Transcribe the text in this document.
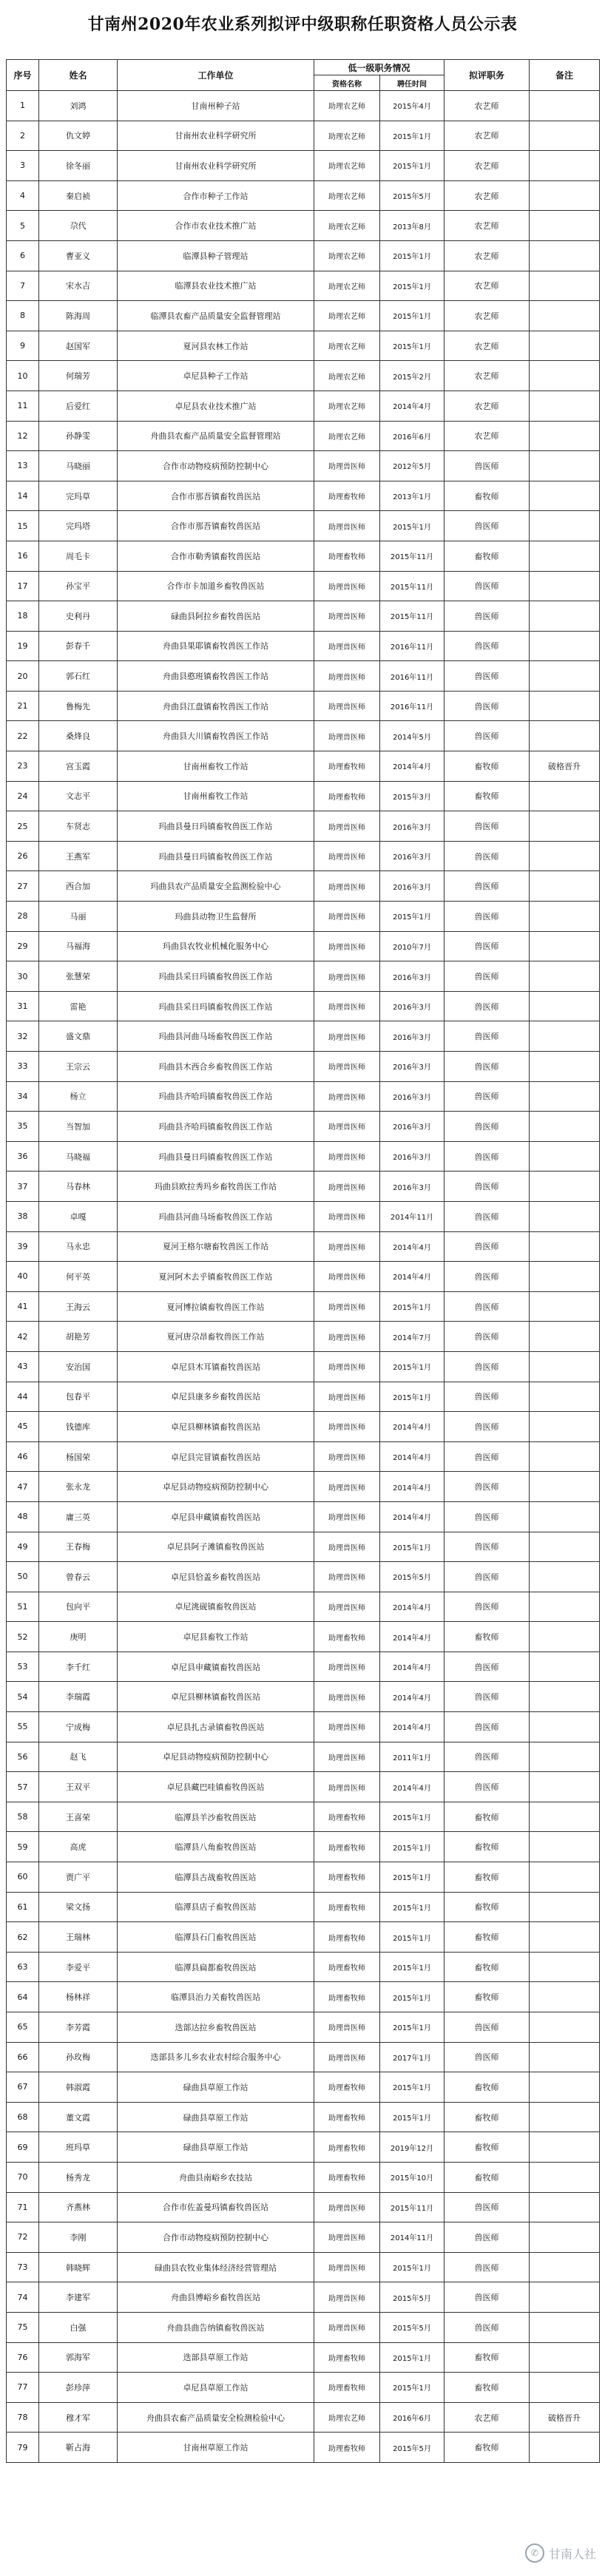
甘南州2020年农业系列拟评中级职称任职资格人员公示表
序号	姓名	工作单位	低一级职务情况		拟评职务	备注
			资格名称	聘任时间		
1	刘鸿	甘南州种子站	助理农艺师	2015年4月	农艺师	
2	仇文婷	甘南州农业科学研究所	助理农艺师	2015年1月	农艺师	
3	徐冬丽	甘南州农业科学研究所	助理农艺师	2015年1月	农艺师	
4	秦启祯	合作市种子工作站	助理农艺师	2015年5月	农艺师	
5	尕代	合作市农业技术推广站	助理农艺师	2013年8月	农艺师	
6	曹亚义	临潭县种子管理站	助理农艺师	2015年1月	农艺师	
7	宋水吉	临潭县农业技术推广站	助理农艺师	2015年1月	农艺师	
8	陈海周	临潭县农畜产品质量安全监督管理站	助理农艺师	2015年1月	农艺师	
9	赵国军	夏河县农林工作站	助理农艺师	2015年1月	农艺师	
10	何瑞芳	卓尼县种子工作站	助理农艺师	2015年2月	农艺师	
11	后爱红	卓尼县农业技术推广站	助理农艺师	2014年4月	农艺师	
12	孙静雯	舟曲县农畜产品质量安全监督管理站	助理农艺师	2016年6月	农艺师	
13	马晓丽	合作市动物疫病预防控制中心	助理兽医师	2012年5月	兽医师	
14	完玛草	合作市那吾镇畜牧兽医站	助理畜牧师	2013年1月	畜牧师	
15	完玛塔	合作市那吾镇畜牧兽医站	助理兽医师	2015年1月	兽医师	
16	周毛卡	合作市勒秀镇畜牧兽医站	助理畜牧师	2015年11月	畜牧师	
17	孙宝平	合作市卡加道乡畜牧兽医站	助理兽医师	2015年11月	兽医师	
18	史利丹	碌曲县阿拉乡畜牧兽医站	助理兽医师	2015年11月	兽医师	
19	彭春千	舟曲县果耶镇畜牧兽医工作站	助理兽医师	2016年11月	兽医师	
20	郭石红	舟曲县憨班镇畜牧兽医工作站	助理兽医师	2016年11月	兽医师	
21	鲁梅先	舟曲县江盘镇畜牧兽医工作站	助理兽医师	2016年11月	兽医师	
22	桑烽良	舟曲县大川镇畜牧兽医工作站	助理兽医师	2014年5月	兽医师	
23	宫玉霞	甘南州畜牧工作站	助理畜牧师	2014年4月	畜牧师	破格晋升
24	文志平	甘南州畜牧工作站	助理畜牧师	2015年3月	畜牧师	
25	车贤志	玛曲县曼日玛镇畜牧兽医工作站	助理兽医师	2016年3月	兽医师	
26	王燕军	玛曲县曼日玛镇畜牧兽医工作站	助理兽医师	2016年3月	兽医师	
27	西合加	玛曲县农产品质量安全监测检验中心	助理兽医师	2016年3月	兽医师	
28	马丽	玛曲县动物卫生监督所	助理兽医师	2015年1月	兽医师	
29	马福海	玛曲县农牧业机械化服务中心	助理兽医师	2010年7月	兽医师	
30	张慧荣	玛曲县采日玛镇畜牧兽医工作站	助理兽医师	2016年3月	兽医师	
31	雷艳	玛曲县采日玛镇畜牧兽医工作站	助理兽医师	2016年3月	兽医师	
32	盛文鼎	玛曲县河曲马场畜牧兽医工作站	助理兽医师	2016年3月	兽医师	
33	王宗云	玛曲县木西合乡畜牧兽医工作站	助理兽医师	2016年3月	兽医师	
34	杨立	玛曲县齐哈玛镇畜牧兽医工作站	助理兽医师	2016年3月	兽医师	
35	当智加	玛曲县齐哈玛镇畜牧兽医工作站	助理兽医师	2016年3月	兽医师	
36	马晓福	玛曲县曼日玛镇畜牧兽医工作站	助理兽医师	2016年3月	兽医师	
37	马春林	玛曲县欧拉秀玛乡畜牧兽医工作站	助理兽医师	2016年3月	兽医师	
38	卓嘎	玛曲县河曲马场畜牧兽医工作站	助理兽医师	2014年11月	兽医师	
39	马永忠	夏河王格尔塘畜牧兽医工作站	助理兽医师	2014年4月	兽医师	
40	何平英	夏河阿木去乎镇畜牧兽医工作站	助理兽医师	2014年4月	兽医师	
41	王海云	夏河博拉镇畜牧兽医工作站	助理兽医师	2015年1月	兽医师	
42	胡艳芳	夏河唐尕昂畜牧兽医工作站	助理兽医师	2014年7月	兽医师	
43	安治国	卓尼县木耳镇畜牧兽医站	助理兽医师	2015年1月	兽医师	
44	包春平	卓尼县康多乡畜牧兽医站	助理兽医师	2015年1月	兽医师	
45	钱德库	卓尼县柳林镇畜牧兽医站	助理兽医师	2014年4月	兽医师	
46	杨国荣	卓尼县完冒镇畜牧兽医站	助理兽医师	2014年4月	兽医师	
47	张永龙	卓尼县动物疫病预防控制中心	助理兽医师	2014年4月	兽医师	
48	庸三英	卓尼县申藏镇畜牧兽医站	助理兽医师	2014年4月	兽医师	
49	王春梅	卓尼县阿子滩镇畜牧兽医站	助理兽医师	2015年1月	兽医师	
50	曾春云	卓尼县恰盖乡畜牧兽医站	助理兽医师	2015年5月	兽医师	
51	包向平	卓尼洮砚镇畜牧兽医站	助理兽医师	2014年4月	兽医师	
52	庚明	卓尼县畜牧工作站	助理畜牧师	2014年4月	畜牧师	
53	李千红	卓尼县申藏镇畜牧兽医站	助理兽医师	2014年4月	兽医师	
54	李瑞霞	卓尼县柳林镇畜牧兽医站	助理兽医师	2014年4月	兽医师	
55	宁成梅	卓尼县扎古录镇畜牧兽医站	助理兽医师	2014年4月	兽医师	
56	赵飞	卓尼县动物疫病预防控制中心	助理兽医师	2011年1月	兽医师	
57	王双平	卓尼县藏巴哇镇畜牧兽医站	助理兽医师	2014年4月	兽医师	
58	王喜荣	临潭县羊沙畜牧兽医站	助理畜牧师	2015年1月	畜牧师	
59	高虎	临潭县八角畜牧兽医站	助理畜牧师	2015年1月	畜牧师	
60	贾广平	临潭县古战畜牧兽医站	助理畜牧师	2015年1月	畜牧师	
61	梁文扬	临潭县店子畜牧兽医站	助理畜牧师	2015年1月	畜牧师	
62	王瑞林	临潭县石门畜牧兽医站	助理畜牧师	2015年1月	畜牧师	
63	李爱平	临潭县扁都畜牧兽医站	助理畜牧师	2015年1月	畜牧师	
64	杨林祥	临潭县治力关畜牧兽医站	助理畜牧师	2015年1月	畜牧师	
65	李芳霞	迭部达拉乡畜牧兽医站	助理兽医师	2015年1月	兽医师	
66	孙玫梅	迭部县多儿乡农业农村综合服务中心	助理兽医师	2017年1月	兽医师	
67	韩淑霞	碌曲县草原工作站	助理畜牧师	2015年1月	畜牧师	
68	董文霞	碌曲县草原工作站	助理畜牧师	2015年1月	畜牧师	
69	班玛草	碌曲县草原工作站	助理畜牧师	2019年12月	畜牧师	
70	杨秀龙	舟曲县南峪乡农技站	助理畜牧师	2015年10月	畜牧师	
71	齐燕林	合作市佐盖曼玛镇畜牧兽医站	助理兽医师	2015年11月	兽医师	
72	李刚	合作市动物疫病预防控制中心	助理兽医师	2014年11月	兽医师	
73	韩晓辉	碌曲县农牧业集体经济经营管理站	助理兽医师	2015年1月	兽医师	
74	李建军	舟曲县博峪乡畜牧兽医站	助理兽医师	2015年5月	兽医师	
75	白强	舟曲县曲告纳镇畜牧兽医站	助理兽医师	2015年5月	兽医师	
76	郭海军	迭部县草原工作站	助理畜牧师	2015年1月	畜牧师	
77	彭珍萍	卓尼县草原工作站	助理畜牧师	2015年1月	畜牧师	
78	穆才军	舟曲县农畜产品质量安全检测检验中心	助理农艺师	2016年6月	农艺师	破格晋升
79	靳占海	甘南州草原工作站	助理畜牧师	2015年5月	畜牧师	
✆ 甘南人社
